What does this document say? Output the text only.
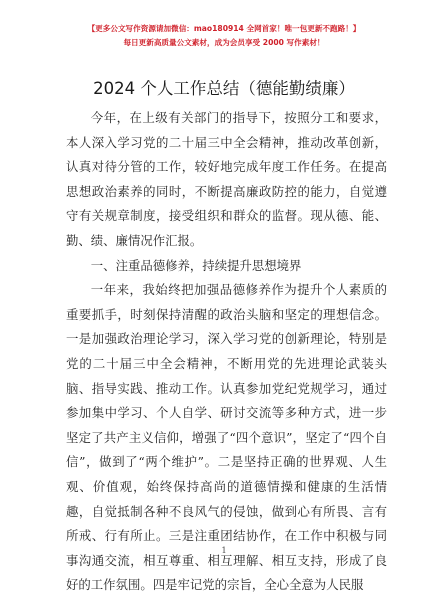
【更多公文写作资源请加微信：mao180914 全网首家！唯一包更新不跑路！】
每日更新高质量公文素材，成为会员享受 2000 写作素材！
2024 个人工作总结（德能勤绩廉）

今年，在上级有关部门的指导下，按照分工和要求，本人深入学习党的二十届三中全会精神，推动改革创新，认真对待分管的工作，较好地完成年度工作任务。在提高思想政治素养的同时，不断提高廉政防控的能力，自觉遵守有关规章制度，接受组织和群众的监督。现从德、能、勤、绩、廉情况作汇报。

一、注重品德修养，持续提升思想境界

一年来，我始终把加强品德修养作为提升个人素质的重要抓手，时刻保持清醒的政治头脑和坚定的理想信念。一是加强政治理论学习，深入学习党的创新理论，特别是党的二十届三中全会精神，不断用党的先进理论武装头脑、指导实践、推动工作。认真参加党纪党规学习，通过参加集中学习、个人自学、研讨交流等多种方式，进一步坚定了共产主义信仰，增强了“四个意识”，坚定了“四个自信”，做到了“两个维护”。二是坚持正确的世界观、人生观、价值观，始终保持高尚的道德情操和健康的生活情趣，自觉抵制各种不良风气的侵蚀，做到心有所畏、言有所戒、行有所止。三是注重团结协作，在工作中积极与同事沟通交流，相互尊重、相互理解、相互支持，形成了良好的工作氛围。四是牢记党的宗旨，全心全意为人民服

1
